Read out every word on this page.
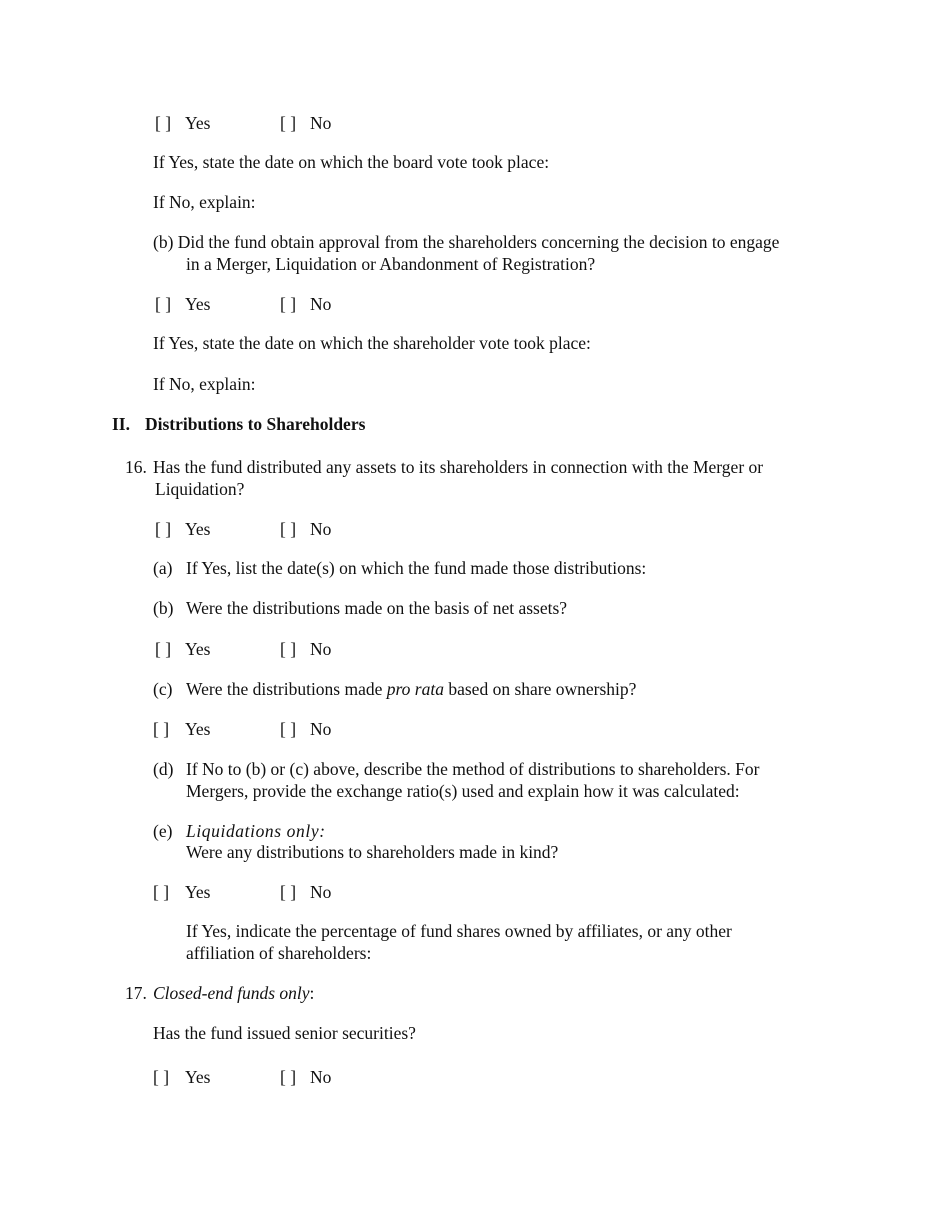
[ ] Yes	[ ] No
If Yes, state the date on which the board vote took place:
If No, explain:
(b) Did the fund obtain approval from the shareholders concerning the decision to engage
in a Merger, Liquidation or Abandonment of Registration?
[ ] Yes	[ ] No
If Yes, state the date on which the shareholder vote took place:
If No, explain:
II. Distributions to Shareholders
16. Has the fund distributed any assets to its shareholders in connection with the Merger or
Liquidation?
[ ] Yes	[ ] No
(a) If Yes, list the date(s) on which the fund made those distributions:
(b) Were the distributions made on the basis of net assets?
[ ] Yes	[ ] No
(c) Were the distributions made pro rata based on share ownership?
[ ] Yes	[ ] No
(d) If No to (b) or (c) above, describe the method of distributions to shareholders. For
Mergers, provide the exchange ratio(s) used and explain how it was calculated:
(e) Liquidations only:
Were any distributions to shareholders made in kind?
[ ] Yes	[ ] No
If Yes, indicate the percentage of fund shares owned by affiliates, or any other
affiliation of shareholders:
17. Closed-end funds only:
Has the fund issued senior securities?
[ ] Yes	[ ] No
